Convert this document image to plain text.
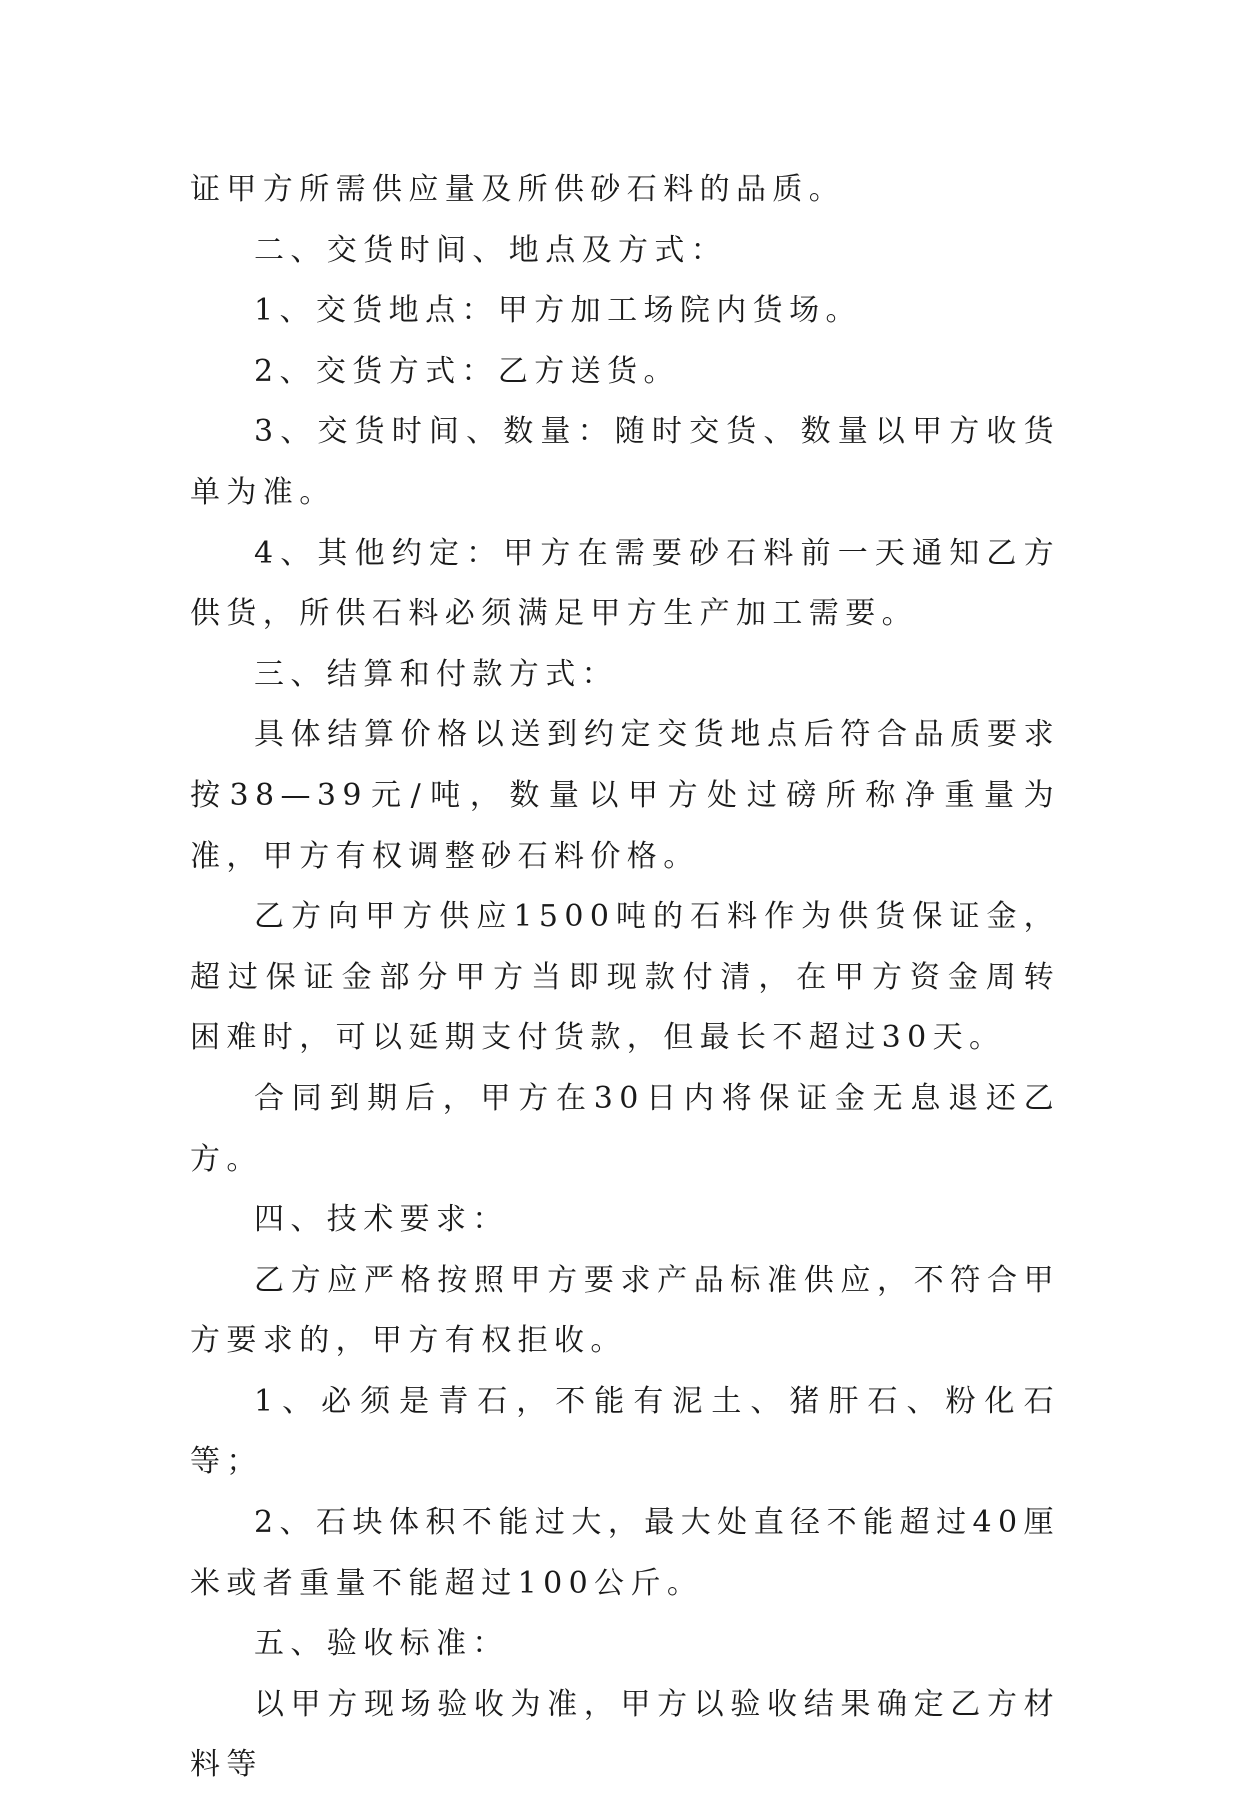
证甲方所需供应量及所供砂石料的品质。

二、交货时间、地点及方式：

1、交货地点：甲方加工场院内货场。

2、交货方式：乙方送货。

3、交货时间、数量：随时交货、数量以甲方收货单为准。

4、其他约定：甲方在需要砂石料前一天通知乙方供货，所供石料必须满足甲方生产加工需要。

三、结算和付款方式：

具体结算价格以送到约定交货地点后符合品质要求按38—39元/吨，数量以甲方处过磅所称净重量为准，甲方有权调整砂石料价格。

乙方向甲方供应1500吨的石料作为供货保证金，超过保证金部分甲方当即现款付清，在甲方资金周转困难时，可以延期支付货款，但最长不超过30天。

合同到期后，甲方在30日内将保证金无息退还乙方。

四、技术要求：

乙方应严格按照甲方要求产品标准供应，不符合甲方要求的，甲方有权拒收。

1、必须是青石，不能有泥土、猪肝石、粉化石等；

2、石块体积不能过大，最大处直径不能超过40厘米或者重量不能超过100公斤。

五、验收标准：

以甲方现场验收为准，甲方以验收结果确定乙方材料等
